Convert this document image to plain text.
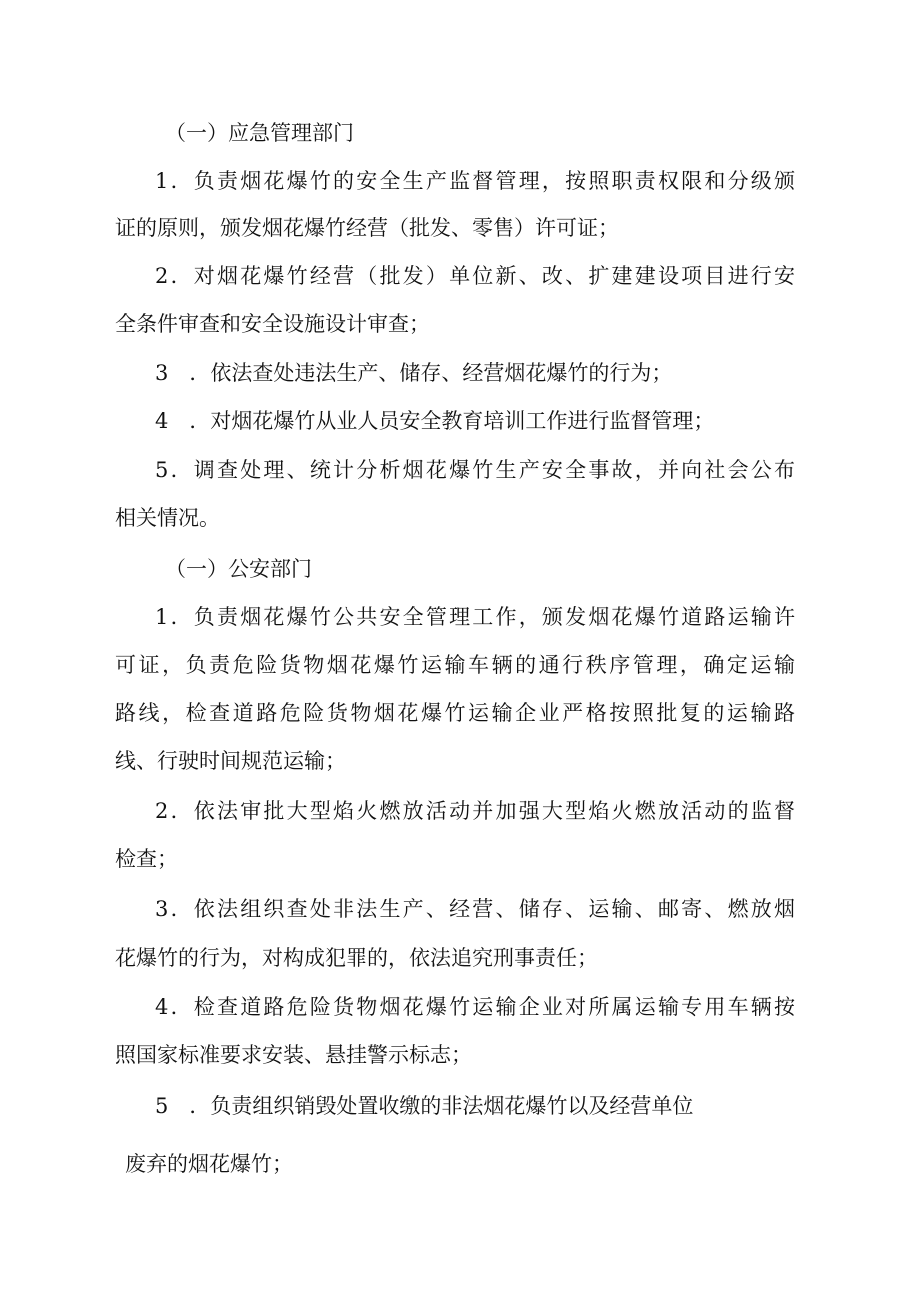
（一）应急管理部门
1．负责烟花爆竹的安全生产监督管理，按照职责权限和分级颁
证的原则，颁发烟花爆竹经营（批发、零售）许可证；
2．对烟花爆竹经营（批发）单位新、改、扩建建设项目进行安
全条件审查和安全设施设计审查；
3　．依法查处违法生产、储存、经营烟花爆竹的行为；
4　．对烟花爆竹从业人员安全教育培训工作进行监督管理；
5．调查处理、统计分析烟花爆竹生产安全事故，并向社会公布
相关情况。
（一）公安部门
1．负责烟花爆竹公共安全管理工作，颁发烟花爆竹道路运输许
可证，负责危险货物烟花爆竹运输车辆的通行秩序管理，确定运输
路线，检查道路危险货物烟花爆竹运输企业严格按照批复的运输路
线、行驶时间规范运输；
2．依法审批大型焰火燃放活动并加强大型焰火燃放活动的监督
检查；
3．依法组织查处非法生产、经营、储存、运输、邮寄、燃放烟
花爆竹的行为，对构成犯罪的，依法追究刑事责任；
4．检查道路危险货物烟花爆竹运输企业对所属运输专用车辆按
照国家标准要求安装、悬挂警示标志；
5　．负责组织销毁处置收缴的非法烟花爆竹以及经营单位
废弃的烟花爆竹；
